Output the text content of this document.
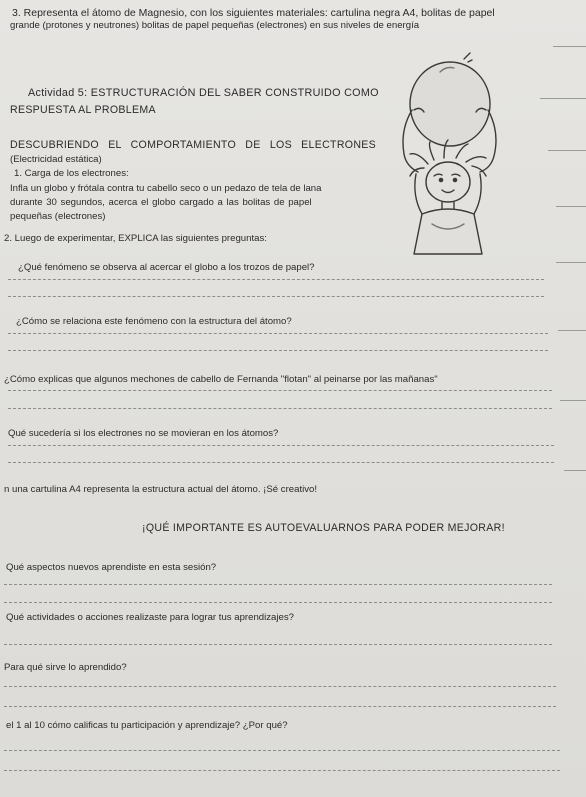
3. Representa el átomo de Magnesio, con los siguientes materiales: cartulina negra A4, bolitas de papel
grande (protones y neutrones) bolitas de papel pequeñas (electrones) en sus niveles de energía
Actividad 5: ESTRUCTURACIÓN DEL SABER CONSTRUIDO COMO
RESPUESTA AL PROBLEMA
DESCUBRIENDO EL COMPORTAMIENTO DE LOS ELECTRONES
(Electricidad estática)
1. Carga de los electrones:
Infla un globo y frótala contra tu cabello seco o un pedazo de tela de lana
durante 30 segundos, acerca el globo cargado a las bolitas de papel
pequeñas (electrones)
2. Luego de experimentar, EXPLICA las siguientes preguntas:
¿Qué fenómeno se observa al acercar el globo a los trozos de papel?
¿Cómo se relaciona este fenómeno con la estructura del átomo?
¿Cómo explicas que algunos mechones de cabello de Fernanda "flotan" al peinarse por las mañanas"
Qué sucedería si los electrones no se movieran en los átomos?
n una cartulina A4 representa la estructura actual del átomo. ¡Sé creativo!
¡QUÉ IMPORTANTE ES AUTOEVALUARNOS PARA PODER MEJORAR!
Qué aspectos nuevos aprendiste en esta sesión?
Qué actividades o acciones realizaste para lograr tus aprendizajes?
Para qué sirve lo aprendido?
el 1 al 10 cómo calificas tu participación y aprendizaje? ¿Por qué?
